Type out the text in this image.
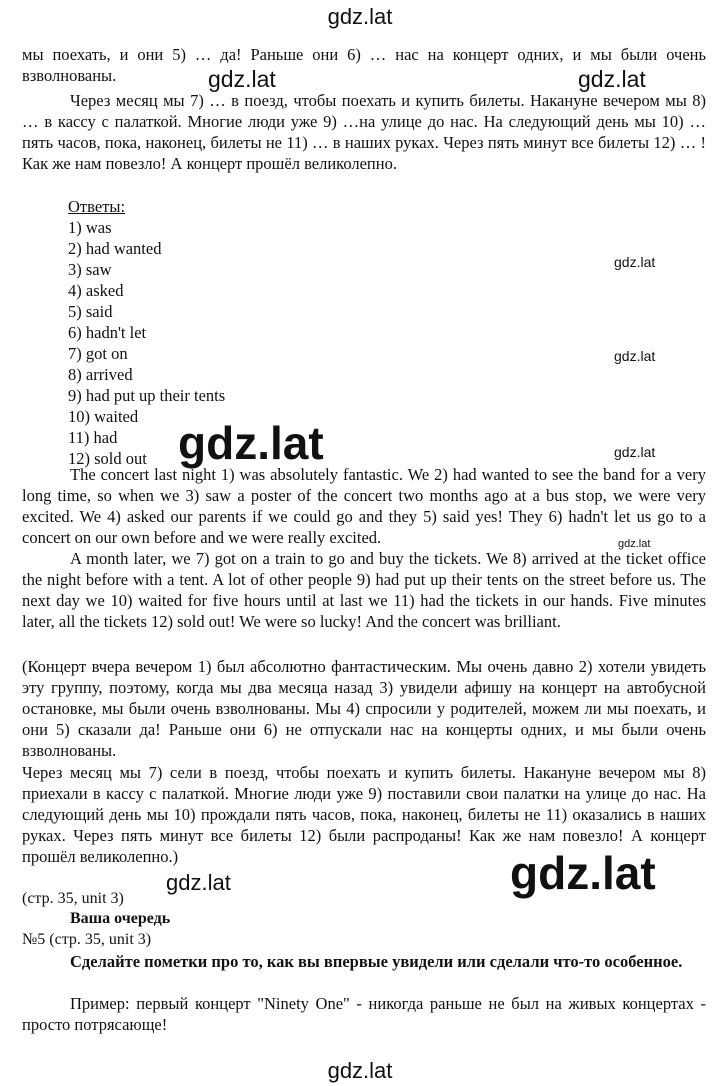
gdz.lat
мы поехать, и они 5) … да! Раньше они 6) … нас на концерт одних, и мы были очень взволнованы.
Через месяц мы 7) … в поезд, чтобы поехать и купить билеты. Накануне вечером мы 8) … в кассу с палаткой. Многие люди уже 9) …на улице до нас. На следующий день мы 10) … пять часов, пока, наконец, билеты не 11) … в наших руках. Через пять минут все билеты 12) … ! Как же нам повезло! А концерт прошёл великолепно.
gdz.lat	gdz.lat
Ответы:
1) was
2) had wanted
3) saw
4) asked
5) said
6) hadn't let
7) got on
8) arrived
9) had put up their tents
10) waited
11) had
12) sold out
gdz.lat
gdz.lat
gdz.lat
gdz.lat
The concert last night 1) was absolutely fantastic. We 2) had wanted to see the band for a very long time, so when we 3) saw a poster of the concert two months ago at a bus stop, we were very excited. We 4) asked our parents if we could go and they 5) said yes! They 6) hadn't let us go to a concert on our own before and we were really excited.	gdz.lat
A month later, we 7) got on a train to go and buy the tickets. We 8) arrived at the ticket office the night before with a tent. A lot of other people 9) had put up their tents on the street before us. The next day we 10) waited for five hours until at last we 11) had the tickets in our hands. Five minutes later, all the tickets 12) sold out! We were so lucky! And the concert was brilliant.
(Концерт вчера вечером 1) был абсолютно фантастическим. Мы очень давно 2) хотели увидеть эту группу, поэтому, когда мы два месяца назад 3) увидели афишу на концерт на автобусной остановке, мы были очень взволнованы. Мы 4) спросили у родителей, можем ли мы поехать, и они 5) сказали да! Раньше они 6) не отпускали нас на концерты одних, и мы были очень взволнованы.
Через месяц мы 7) сели в поезд, чтобы поехать и купить билеты. Накануне вечером мы 8) приехали в кассу с палаткой. Многие люди уже 9) поставили свои палатки на улице до нас. На следующий день мы 10) прождали пять часов, пока, наконец, билеты не 11) оказались в наших руках. Через пять минут все билеты 12) были распроданы! Как же нам повезло! А концерт прошёл великолепно.)
gdz.lat	gdz.lat
(стр. 35, unit 3)
Ваша очередь
№5 (стр. 35, unit 3)
Сделайте пометки про то, как вы впервые увидели или сделали что-то особенное.
Пример: первый концерт "Ninety One" - никогда раньше не был на живых концертах - просто потрясающе!
gdz.lat
